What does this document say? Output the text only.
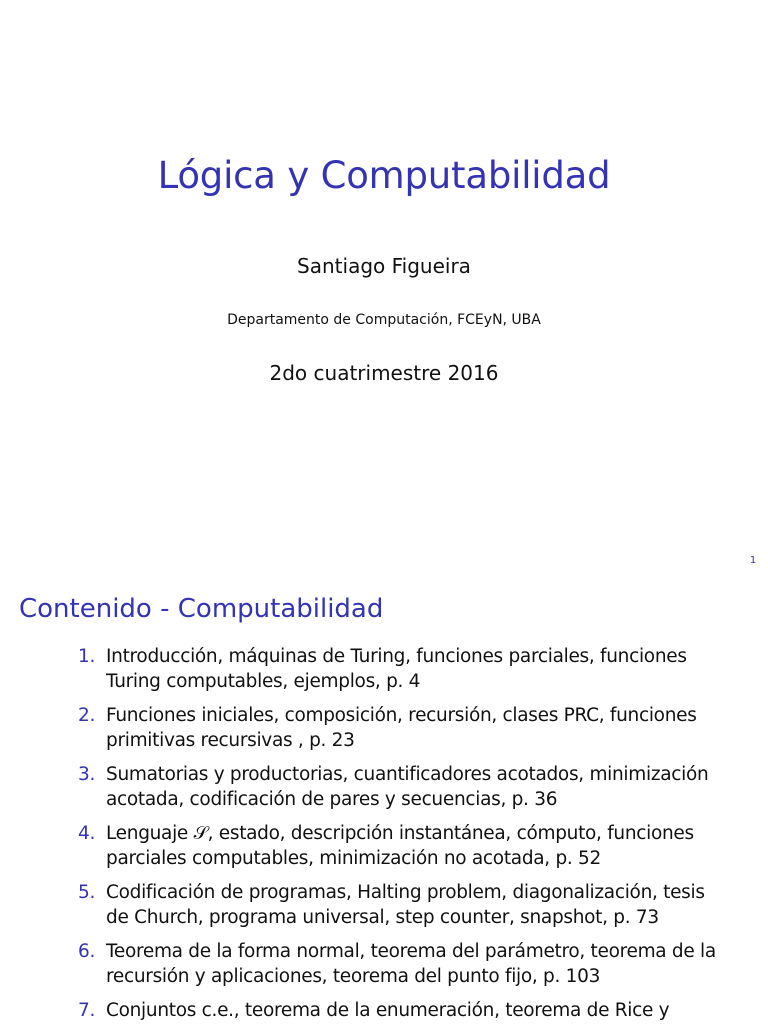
Lógica y Computabilidad
Santiago Figueira
Departamento de Computación, FCEyN, UBA
2do cuatrimestre 2016
1
Contenido - Computabilidad
1. Introducción, máquinas de Turing, funciones parciales, funciones Turing computables, ejemplos, p. 4
2. Funciones iniciales, composición, recursión, clases PRC, funciones primitivas recursivas , p. 23
3. Sumatorias y productorias, cuantificadores acotados, minimización acotada, codificación de pares y secuencias, p. 36
4. Lenguaje 𝒮, estado, descripción instantánea, cómputo, funciones parciales computables, minimización no acotada, p. 52
5. Codificación de programas, Halting problem, diagonalización, tesis de Church, programa universal, step counter, snapshot, p. 73
6. Teorema de la forma normal, teorema del parámetro, teorema de la recursión y aplicaciones, teorema del punto fijo, p. 103
7. Conjuntos c.e., teorema de la enumeración, teorema de Rice y
